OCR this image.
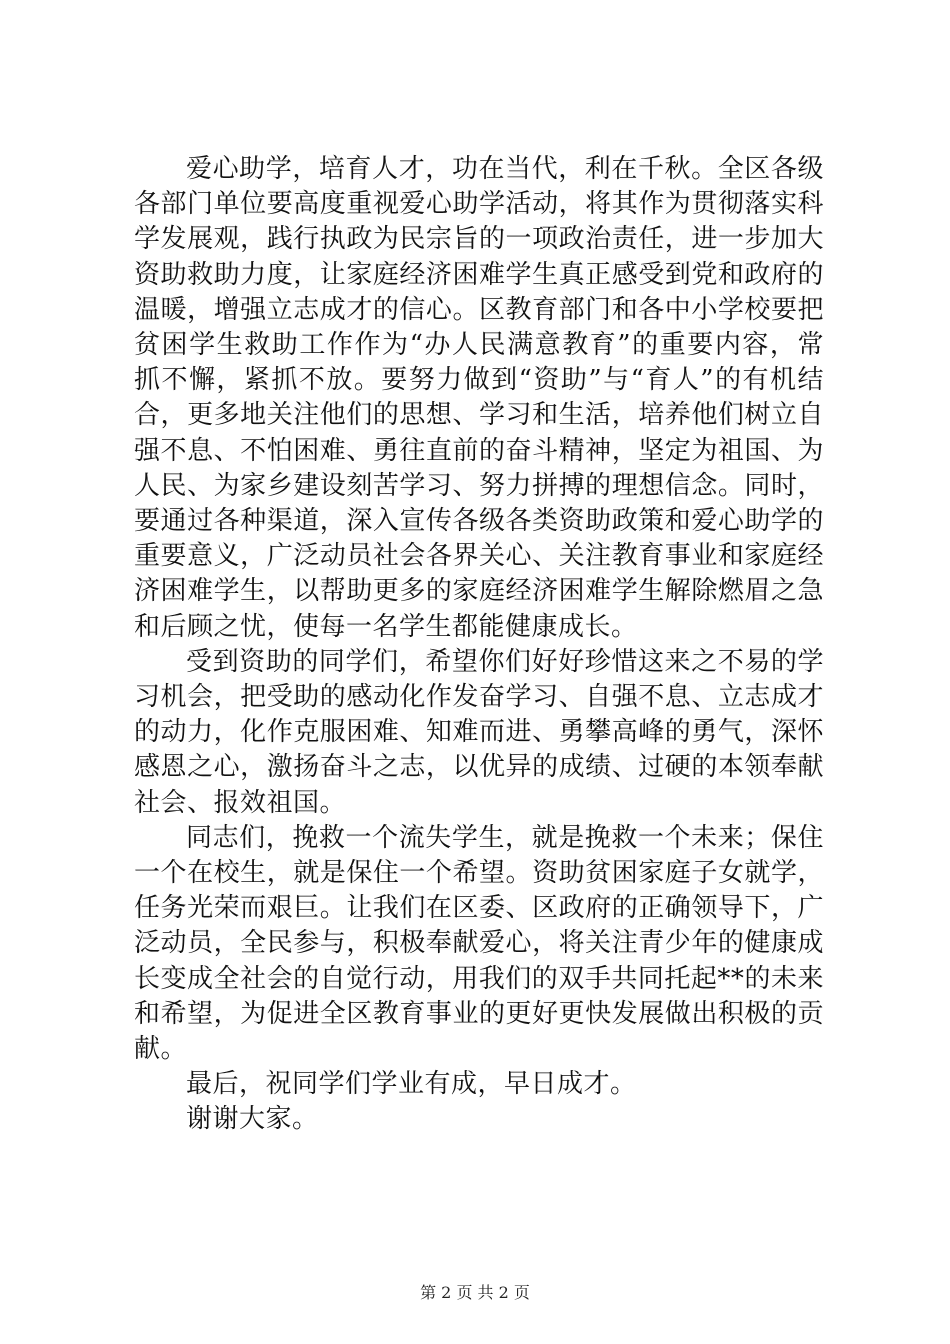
爱心助学，培育人才，功在当代，利在千秋。全区各级各部门单位要高度重视爱心助学活动，将其作为贯彻落实科学发展观，践行执政为民宗旨的一项政治责任，进一步加大资助救助力度，让家庭经济困难学生真正感受到党和政府的温暖，增强立志成才的信心。区教育部门和各中小学校要把贫困学生救助工作作为“办人民满意教育”的重要内容，常抓不懈，紧抓不放。要努力做到“资助”与“育人”的有机结合，更多地关注他们的思想、学习和生活，培养他们树立自强不息、不怕困难、勇往直前的奋斗精神，坚定为祖国、为人民、为家乡建设刻苦学习、努力拼搏的理想信念。同时，要通过各种渠道，深入宣传各级各类资助政策和爱心助学的重要意义，广泛动员社会各界关心、关注教育事业和家庭经济困难学生，以帮助更多的家庭经济困难学生解除燃眉之急和后顾之忧，使每一名学生都能健康成长。

受到资助的同学们，希望你们好好珍惜这来之不易的学习机会，把受助的感动化作发奋学习、自强不息、立志成才的动力，化作克服困难、知难而进、勇攀高峰的勇气，深怀感恩之心，激扬奋斗之志，以优异的成绩、过硬的本领奉献社会、报效祖国。

同志们，挽救一个流失学生，就是挽救一个未来；保住一个在校生，就是保住一个希望。资助贫困家庭子女就学，任务光荣而艰巨。让我们在区委、区政府的正确领导下，广泛动员，全民参与，积极奉献爱心，将关注青少年的健康成长变成全社会的自觉行动，用我们的双手共同托起**的未来和希望，为促进全区教育事业的更好更快发展做出积极的贡献。

最后，祝同学们学业有成，早日成才。

谢谢大家。

第 2 页 共 2 页
